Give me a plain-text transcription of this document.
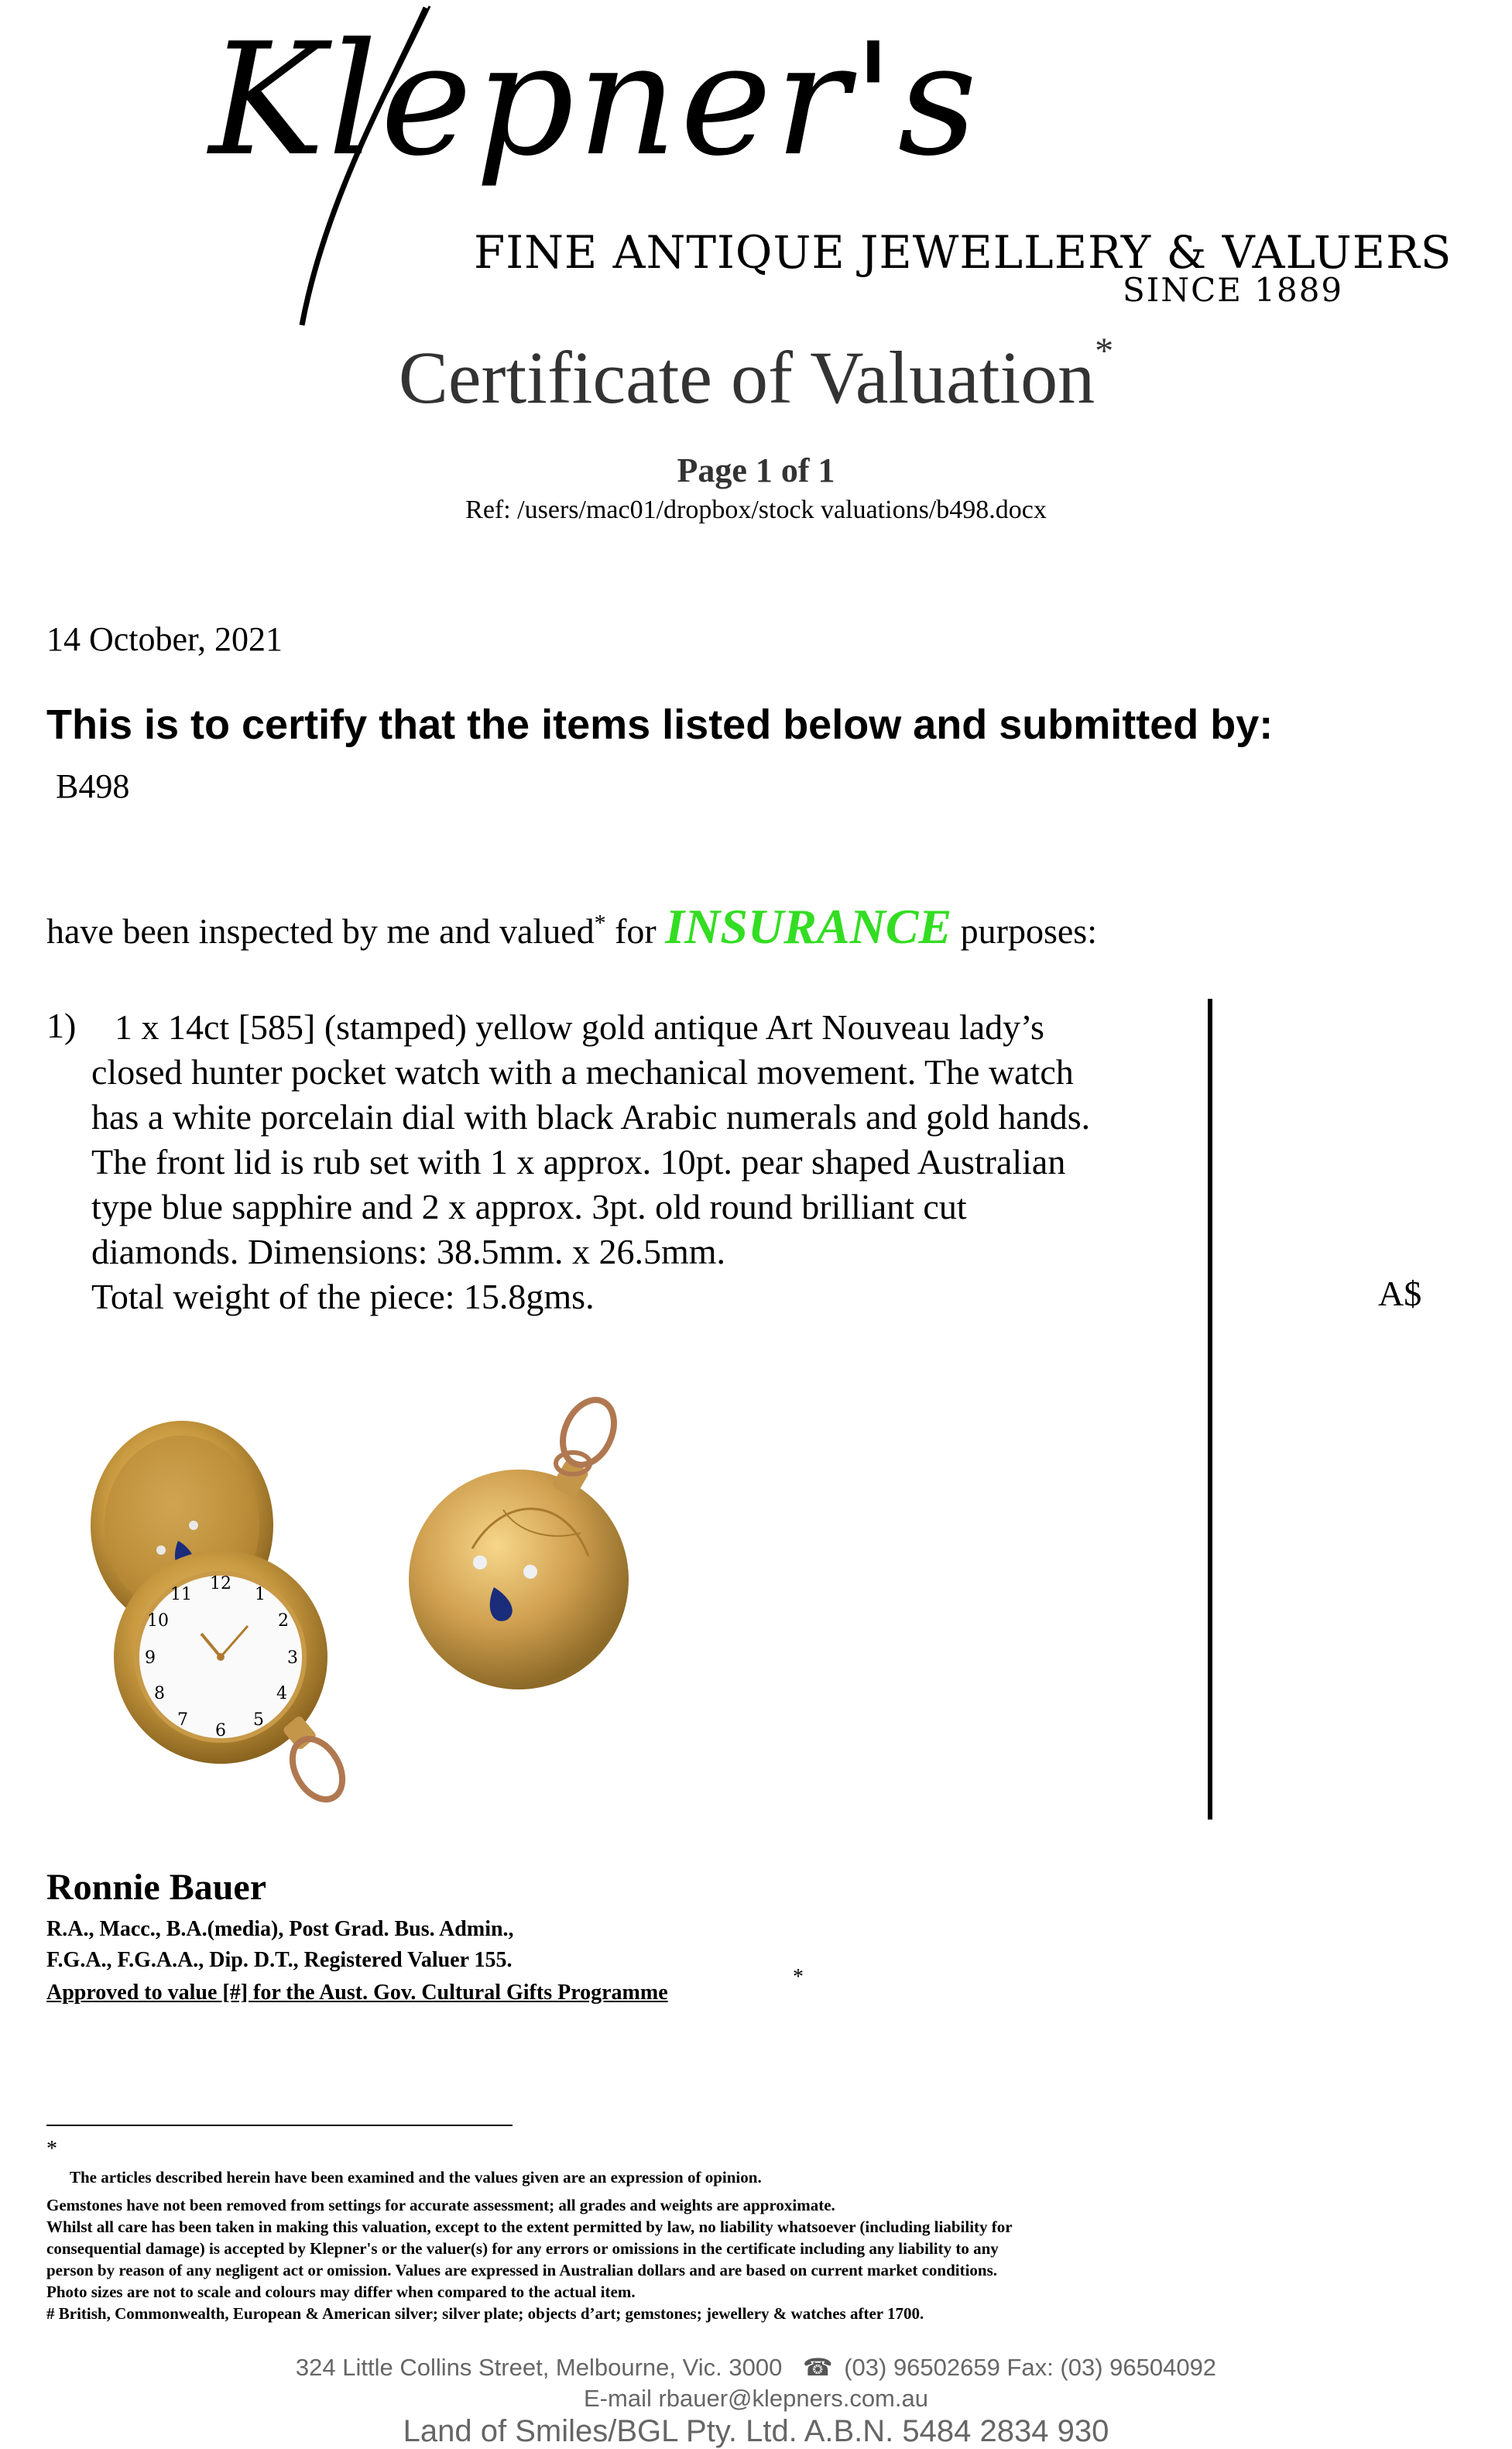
Klepner's
FINE ANTIQUE JEWELLERY & VALUERS
SINCE 1889
Certificate of Valuation*
Page 1 of 1
Ref: /users/mac01/dropbox/stock valuations/b498.docx
14 October, 2021
This is to certify that the items listed below and submitted by:
B498
have been inspected by me and valued* for INSURANCE purposes:
1)	1 x 14ct [585] (stamped) yellow gold antique Art Nouveau lady’s
closed hunter pocket watch with a mechanical movement. The watch
has a white porcelain dial with black Arabic numerals and gold hands.
The front lid is rub set with 1 x approx. 10pt. pear shaped Australian
type blue sapphire and 2 x approx. 3pt. old round brilliant cut
diamonds. Dimensions: 38.5mm. x 26.5mm.
Total weight of the piece: 15.8gms.	A$
12
1
2
3
4
5
6
7
8
9
10
11
Ronnie Bauer
R.A., Macc., B.A.(media), Post Grad. Bus. Admin.,
F.G.A., F.G.A.A., Dip. D.T., Registered Valuer 155.
Approved to value [#] for the Aust. Gov. Cultural Gifts Programme
*
*
The articles described herein have been examined and the values given are an expression of opinion.
Gemstones have not been removed from settings for accurate assessment; all grades and weights are approximate.
Whilst all care has been taken in making this valuation, except to the extent permitted by law, no liability whatsoever (including liability for
consequential damage) is accepted by Klepner's or the valuer(s) for any errors or omissions in the certificate including any liability to any
person by reason of any negligent act or omission. Values are expressed in Australian dollars and are based on current market conditions.
Photo sizes are not to scale and colours may differ when compared to the actual item.
# British, Commonwealth, European & American silver; silver plate; objects d’art; gemstones; jewellery & watches after 1700.
324 Little Collins Street, Melbourne, Vic. 3000 ☎ (03) 96502659 Fax: (03) 96504092
E-mail rbauer@klepners.com.au
Land of Smiles/BGL Pty. Ltd. A.B.N. 5484 2834 930
